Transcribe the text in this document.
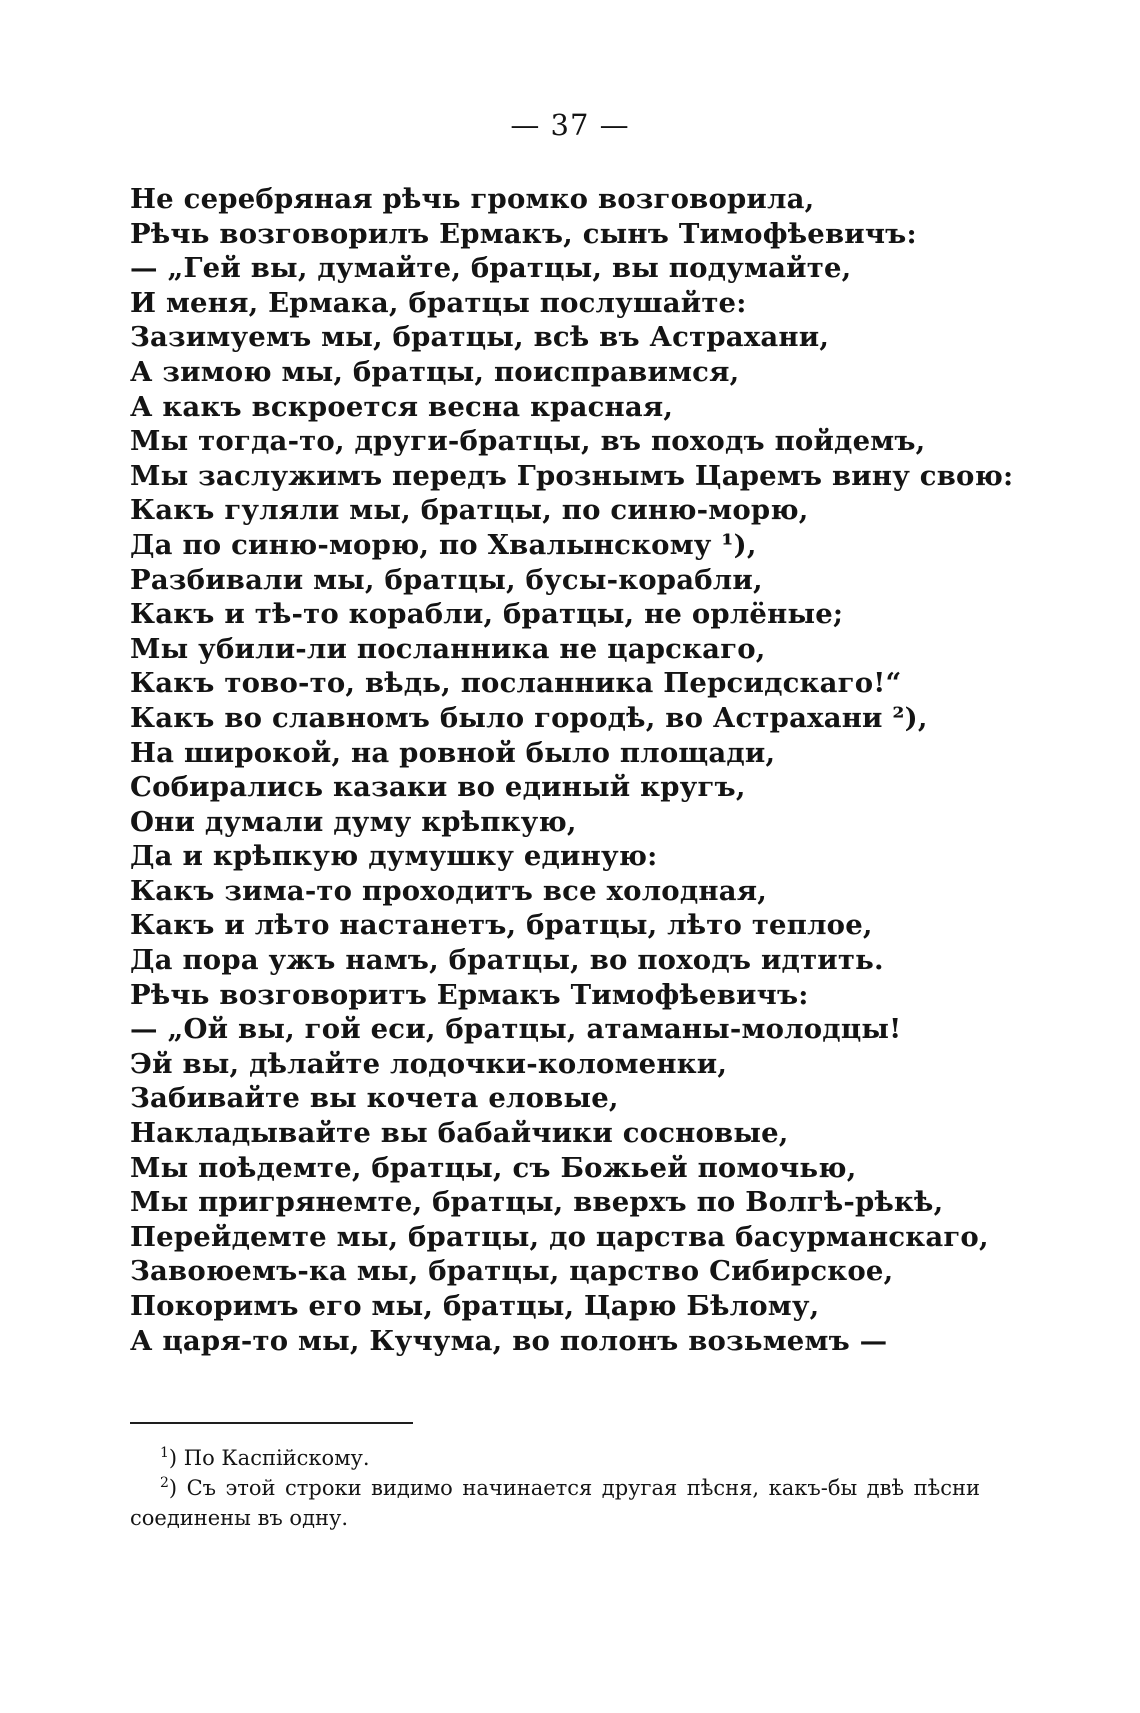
— 37 —
Не серебряная рѣчь громко возговорила,
Рѣчь возговорилъ Ермакъ, сынъ Тимофѣевичъ:
— „Гей вы, думайте, братцы, вы подумайте,
И меня, Ермака, братцы послушайте:
Зазимуемъ мы, братцы, всѣ въ Астрахани,
А зимою мы, братцы, поисправимся,
А какъ вскроется весна красная,
Мы тогда-то, други-братцы, въ походъ пойдемъ,
Мы заслужимъ передъ Грознымъ Царемъ вину свою:
Какъ гуляли мы, братцы, по синю-морю,
Да по синю-морю, по Хвалынскому ¹),
Разбивали мы, братцы, бусы-корабли,
Какъ и тѣ-то корабли, братцы, не орлёные;
Мы убили-ли посланника не царскаго,
Какъ тово-то, вѣдь, посланника Персидскаго!“
Какъ во славномъ было городѣ, во Астрахани ²),
На широкой, на ровной было площади,
Собирались казаки во единый кругъ,
Они думали думу крѣпкую,
Да и крѣпкую думушку единую:
Какъ зима-то проходитъ все холодная,
Какъ и лѣто настанетъ, братцы, лѣто теплое,
Да пора ужъ намъ, братцы, во походъ идтить.
Рѣчь возговоритъ Ермакъ Тимофѣевичъ:
— „Ой вы, гой еси, братцы, атаманы-молодцы!
Эй вы, дѣлайте лодочки-коломенки,
Забивайте вы кочета еловые,
Накладывайте вы бабайчики сосновые,
Мы поѣдемте, братцы, съ Божьей помочью,
Мы пригрянемте, братцы, вверхъ по Волгѣ-рѣкѣ,
Перейдемте мы, братцы, до царства басурманскаго,
Завоюемъ-ка мы, братцы, царство Сибирское,
Покоримъ его мы, братцы, Царю Бѣлому,
А царя-то мы, Кучума, во полонъ возьмемъ —

$^1$) По Каспійскому.

$^2$) Съ этой строки видимо начинается другая пѣсня, какъ-бы двѣ пѣсни соединены въ одну.
